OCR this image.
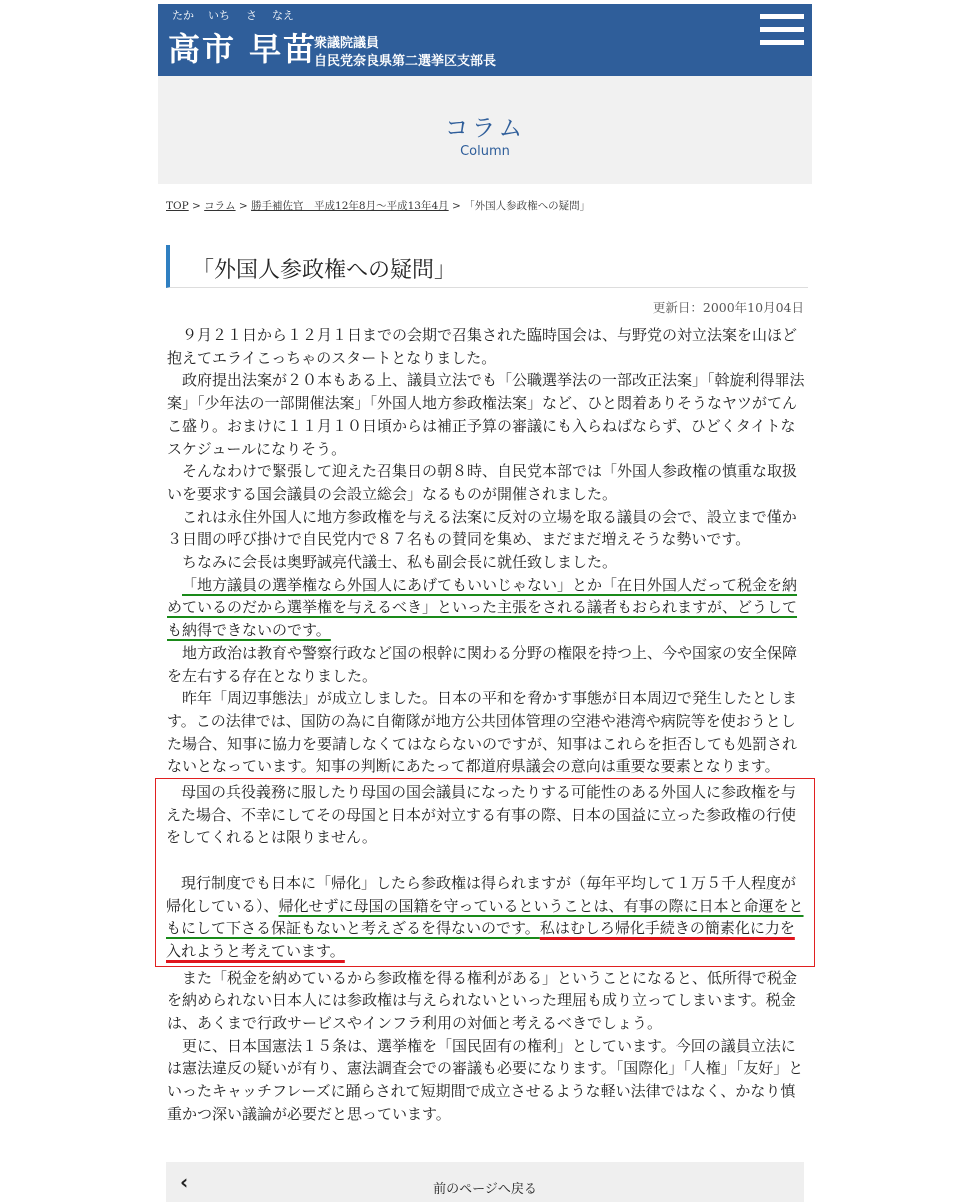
たか いち さ なえ
高市 早苗
衆議院議員
自民党奈良県第二選挙区支部長
コラム
Column
TOP > コラム > 勝手補佐官　平成12年8月～平成13年4月 > 「外国人参政権への疑問」
「外国人参政権への疑問」
更新日：2000年10月04日

９月２１日から１２月１日までの会期で召集された臨時国会は、与野党の対立法案を山ほど抱えてエライこっちゃのスタートとなりました。

政府提出法案が２０本もある上、議員立法でも「公職選挙法の一部改正法案」「斡旋利得罪法案」「少年法の一部開催法案」「外国人地方参政権法案」など、ひと悶着ありそうなヤツがてんこ盛り。おまけに１１月１０日頃からは補正予算の審議にも入らねばならず、ひどくタイトなスケジュールになりそう。

そんなわけで緊張して迎えた召集日の朝８時、自民党本部では「外国人参政権の慎重な取扱いを要求する国会議員の会設立総会」なるものが開催されました。

これは永住外国人に地方参政権を与える法案に反対の立場を取る議員の会で、設立まで僅か３日間の呼び掛けで自民党内で８７名もの賛同を集め、まだまだ増えそうな勢いです。

ちなみに会長は奥野誠亮代議士、私も副会長に就任致しました。

「地方議員の選挙権なら外国人にあげてもいいじゃない」とか「在日外国人だって税金を納めているのだから選挙権を与えるべき」といった主張をされる議者もおられますが、どうしても納得できないのです。

地方政治は教育や警察行政など国の根幹に関わる分野の権限を持つ上、今や国家の安全保障を左右する存在となりました。

昨年「周辺事態法」が成立しました。日本の平和を脅かす事態が日本周辺で発生したとします。この法律では、国防の為に自衛隊が地方公共団体管理の空港や港湾や病院等を使おうとした場合、知事に協力を要請しなくてはならないのですが、知事はこれらを拒否しても処罰されないとなっています。知事の判断にあたって都道府県議会の意向は重要な要素となります。

母国の兵役義務に服したり母国の国会議員になったりする可能性のある外国人に参政権を与えた場合、不幸にしてその母国と日本が対立する有事の際、日本の国益に立った参政権の行使をしてくれるとは限りません。

現行制度でも日本に「帰化」したら参政権は得られますが（毎年平均して１万５千人程度が帰化している）、帰化せずに母国の国籍を守っているということは、有事の際に日本と命運をともにして下さる保証もないと考えざるを得ないのです。私はむしろ帰化手続きの簡素化に力を入れようと考えています。

また「税金を納めているから参政権を得る権利がある」ということになると、低所得で税金を納められない日本人には参政権は与えられないといった理屈も成り立ってしまいます。税金は、あくまで行政サービスやインフラ利用の対価と考えるべきでしょう。

更に、日本国憲法１５条は、選挙権を「国民固有の権利」としています。今回の議員立法には憲法違反の疑いが有り、憲法調査会での審議も必要になります。「国際化」「人権」「友好」といったキャッチフレーズに踊らされて短期間で成立させるような軽い法律ではなく、かなり慎重かつ深い議論が必要だと思っています。

‹	前のページへ戻る
